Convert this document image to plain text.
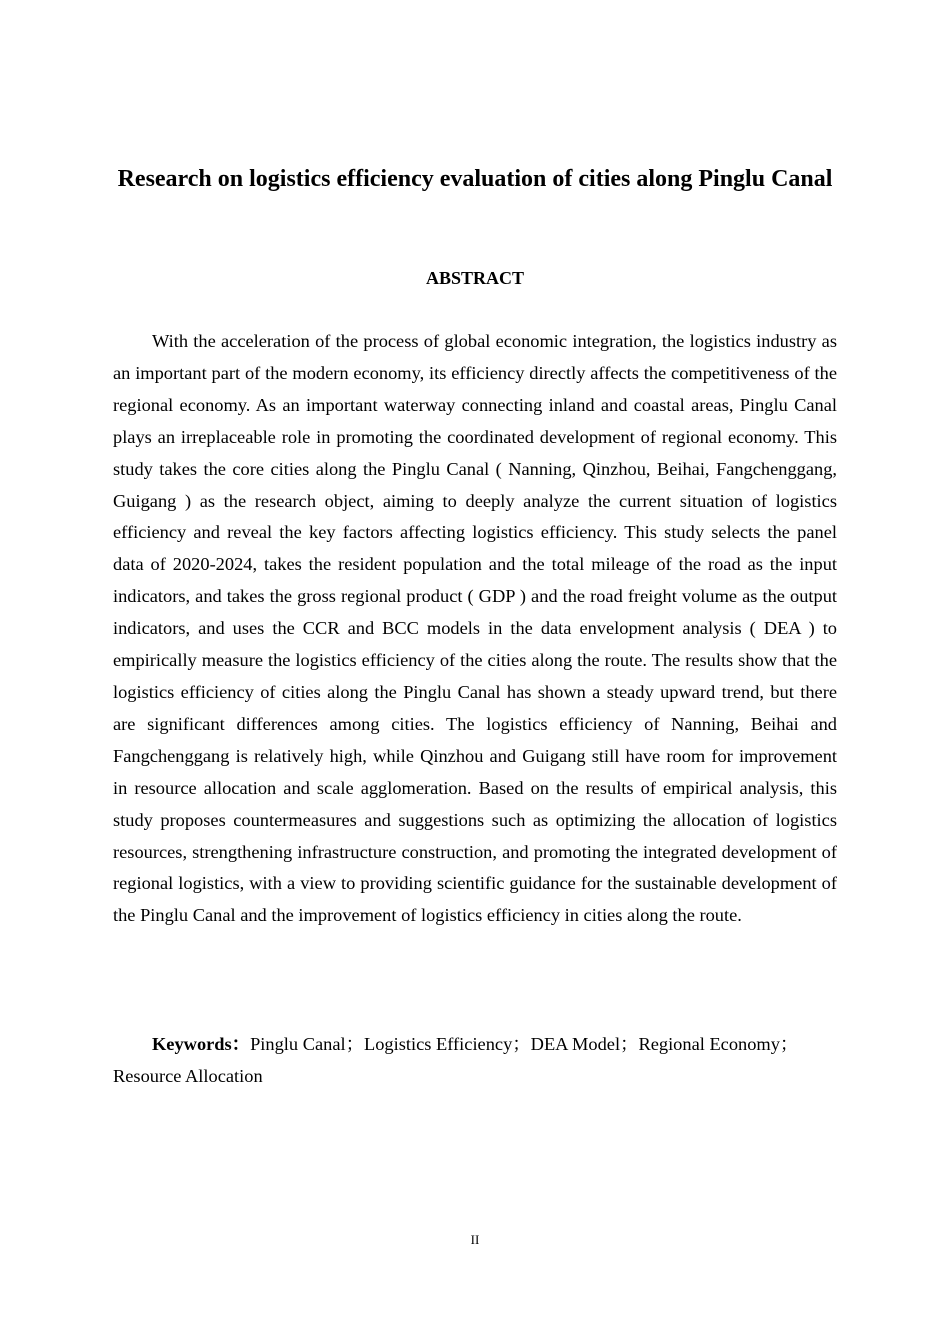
Research on logistics efficiency evaluation of cities along Pinglu Canal
ABSTRACT

With the acceleration of the process of global economic integration, the logistics industry as an important part of the modern economy, its efficiency directly affects the competitiveness of the regional economy. As an important waterway connecting inland and coastal areas, Pinglu Canal plays an irreplaceable role in promoting the coordinated development of regional economy. This study takes the core cities along the Pinglu Canal ( Nanning, Qinzhou, Beihai, Fangchenggang, Guigang ) as the research object, aiming to deeply analyze the current situation of logistics efficiency and reveal the key factors affecting logistics efficiency. This study selects the panel data of 2020-2024, takes the resident population and the total mileage of the road as the input indicators, and takes the gross regional product ( GDP ) and the road freight volume as the output indicators, and uses the CCR and BCC models in the data envelopment analysis ( DEA ) to empirically measure the logistics efficiency of the cities along the route. The results show that the logistics efficiency of cities along the Pinglu Canal has shown a steady upward trend, but there are significant differences among cities. The logistics efficiency of Nanning, Beihai and Fangchenggang is relatively high, while Qinzhou and Guigang still have room for improvement in resource allocation and scale agglomeration. Based on the results of empirical analysis, this study proposes countermeasures and suggestions such as optimizing the allocation of logistics resources, strengthening infrastructure construction, and promoting the integrated development of regional logistics, with a view to providing scientific guidance for the sustainable development of the Pinglu Canal and the improvement of logistics efficiency in cities along the route.

Keywords：Pinglu Canal；Logistics Efficiency；DEA Model；Regional Economy；Resource Allocation

II
